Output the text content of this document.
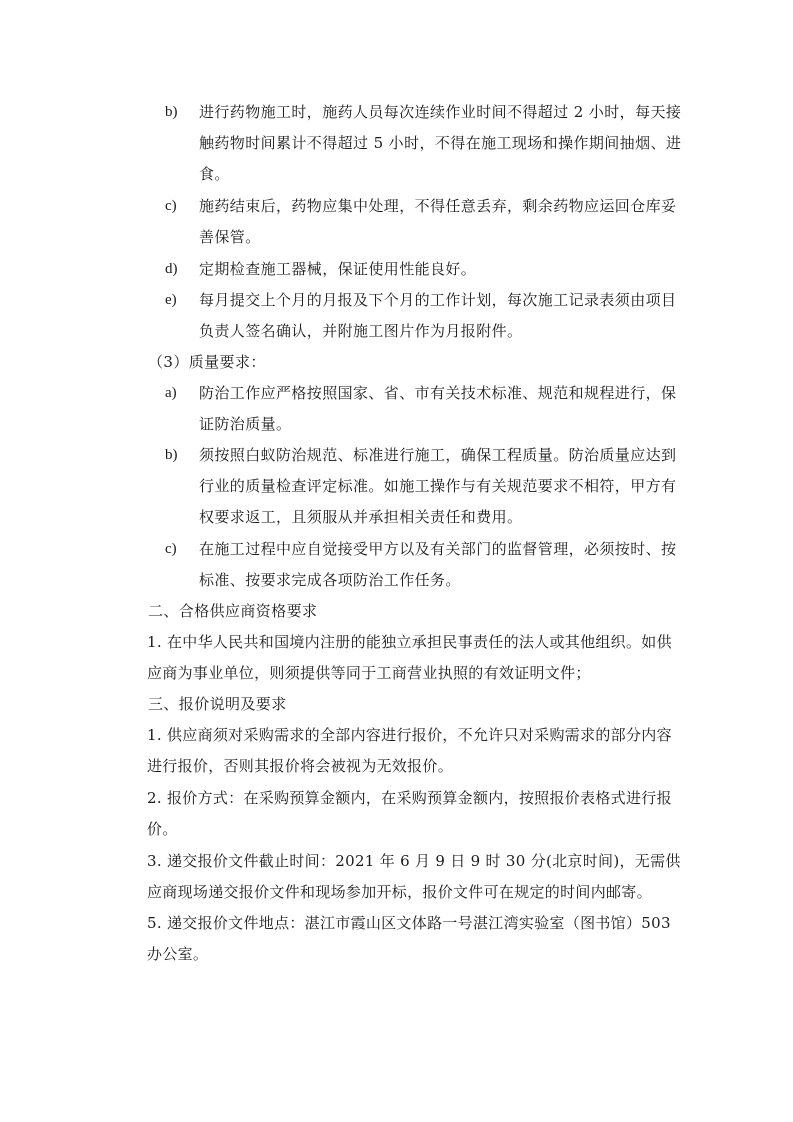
b) 进行药物施工时，施药人员每次连续作业时间不得超过 2 小时，每天接触药物时间累计不得超过 5 小时，不得在施工现场和操作期间抽烟、进食。
c) 施药结束后，药物应集中处理，不得任意丢弃，剩余药物应运回仓库妥善保管。
d) 定期检查施工器械，保证使用性能良好。
e) 每月提交上个月的月报及下个月的工作计划，每次施工记录表须由项目负责人签名确认，并附施工图片作为月报附件。
（3）质量要求：
a) 防治工作应严格按照国家、省、市有关技术标准、规范和规程进行，保证防治质量。
b) 须按照白蚁防治规范、标准进行施工，确保工程质量。防治质量应达到行业的质量检查评定标准。如施工操作与有关规范要求不相符，甲方有权要求返工，且须服从并承担相关责任和费用。
c) 在施工过程中应自觉接受甲方以及有关部门的监督管理，必须按时、按标准、按要求完成各项防治工作任务。
二、合格供应商资格要求
1. 在中华人民共和国境内注册的能独立承担民事责任的法人或其他组织。如供应商为事业单位，则须提供等同于工商营业执照的有效证明文件；
三、报价说明及要求
1. 供应商须对采购需求的全部内容进行报价，不允许只对采购需求的部分内容进行报价，否则其报价将会被视为无效报价。
2. 报价方式：在采购预算金额内，在采购预算金额内，按照报价表格式进行报价。
3. 递交报价文件截止时间：2021 年 6 月 9 日 9 时 30 分(北京时间)，无需供应商现场递交报价文件和现场参加开标，报价文件可在规定的时间内邮寄。
5. 递交报价文件地点：湛江市霞山区文体路一号湛江湾实验室（图书馆）503 办公室。
